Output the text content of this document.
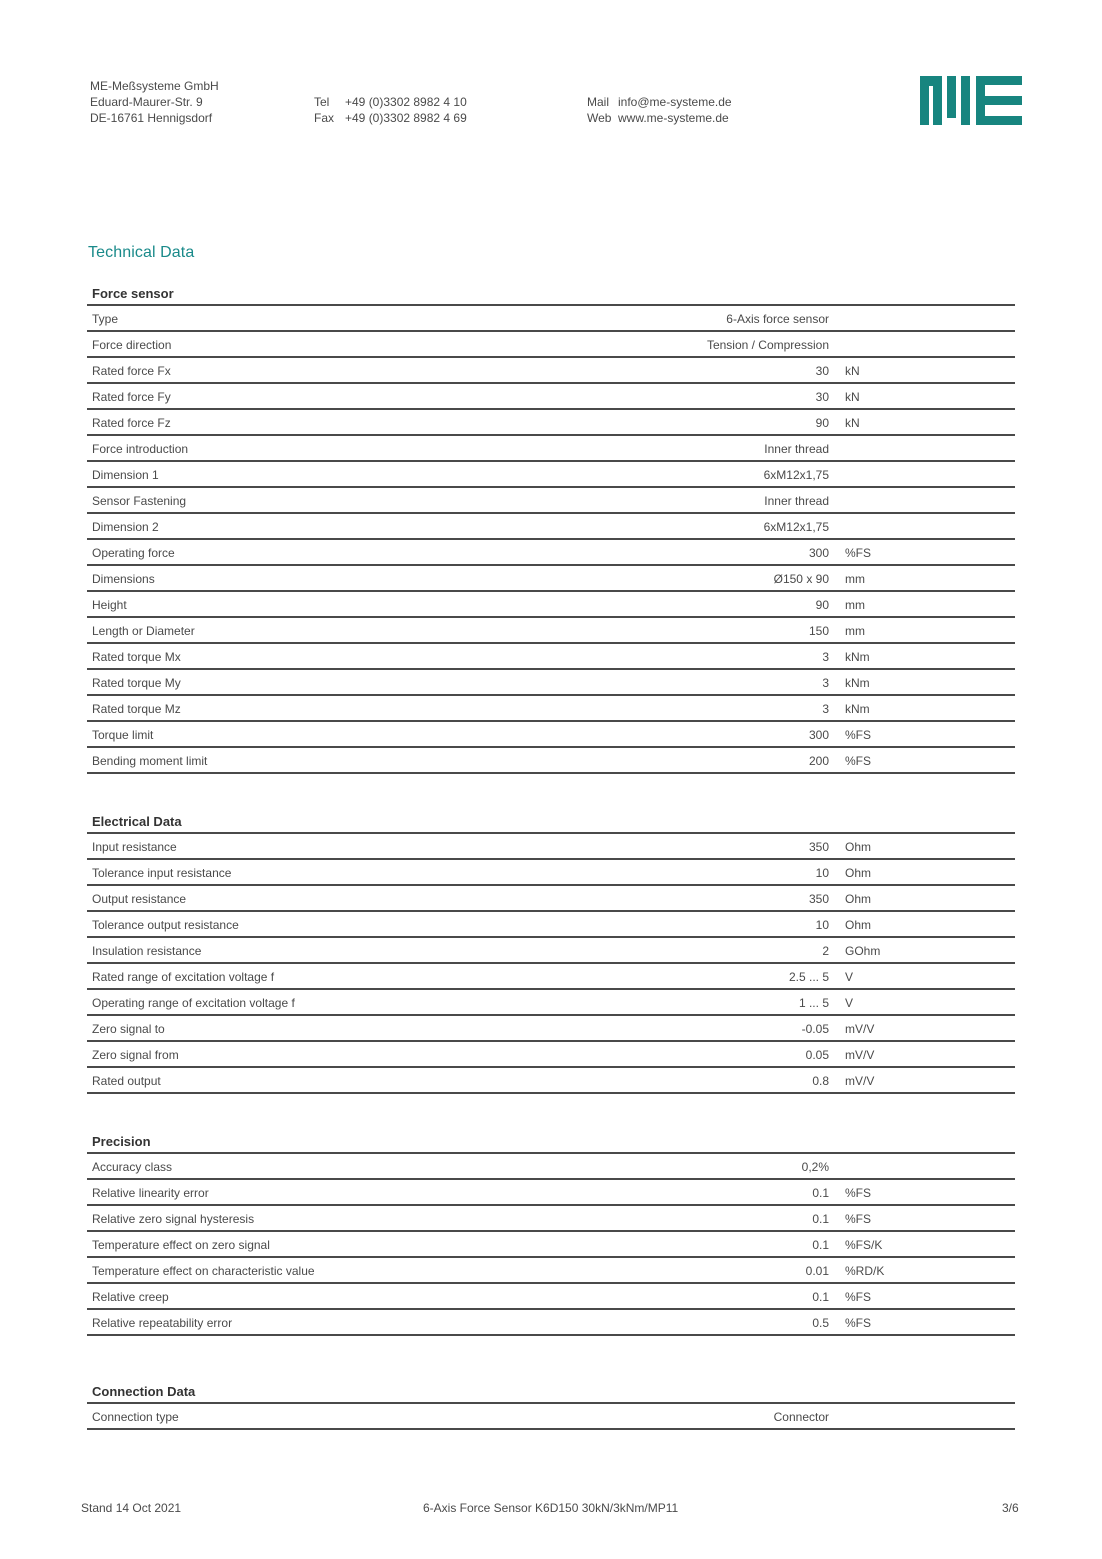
ME-Meßsysteme GmbH
Eduard-Maurer-Str. 9
DE-16761 Hennigsdorf
Tel +49 (0)3302 8982 4 10
Fax +49 (0)3302 8982 4 69
Mail info@me-systeme.de
Web www.me-systeme.de
Technical Data
Force sensor
Type	6-Axis force sensor
Force direction	Tension / Compression
Rated force Fx	30 kN
Rated force Fy	30 kN
Rated force Fz	90 kN
Force introduction	Inner thread
Dimension 1	6xM12x1,75
Sensor Fastening	Inner thread
Dimension 2	6xM12x1,75
Operating force	300 %FS
Dimensions	Ø150 x 90 mm
Height	90 mm
Length or Diameter	150 mm
Rated torque Mx	3 kNm
Rated torque My	3 kNm
Rated torque Mz	3 kNm
Torque limit	300 %FS
Bending moment limit	200 %FS
Electrical Data
Input resistance	350 Ohm
Tolerance input resistance	10 Ohm
Output resistance	350 Ohm
Tolerance output resistance	10 Ohm
Insulation resistance	2 GOhm
Rated range of excitation voltage f	2.5 ... 5 V
Operating range of excitation voltage f	1 ... 5 V
Zero signal to	-0.05 mV/V
Zero signal from	0.05 mV/V
Rated output	0.8 mV/V
Precision
Accuracy class	0,2%
Relative linearity error	0.1 %FS
Relative zero signal hysteresis	0.1 %FS
Temperature effect on zero signal	0.1 %FS/K
Temperature effect on characteristic value	0.01 %RD/K
Relative creep	0.1 %FS
Relative repeatability error	0.5 %FS
Connection Data
Connection type	Connector
Stand 14 Oct 2021	6-Axis Force Sensor K6D150 30kN/3kNm/MP11	3/6
